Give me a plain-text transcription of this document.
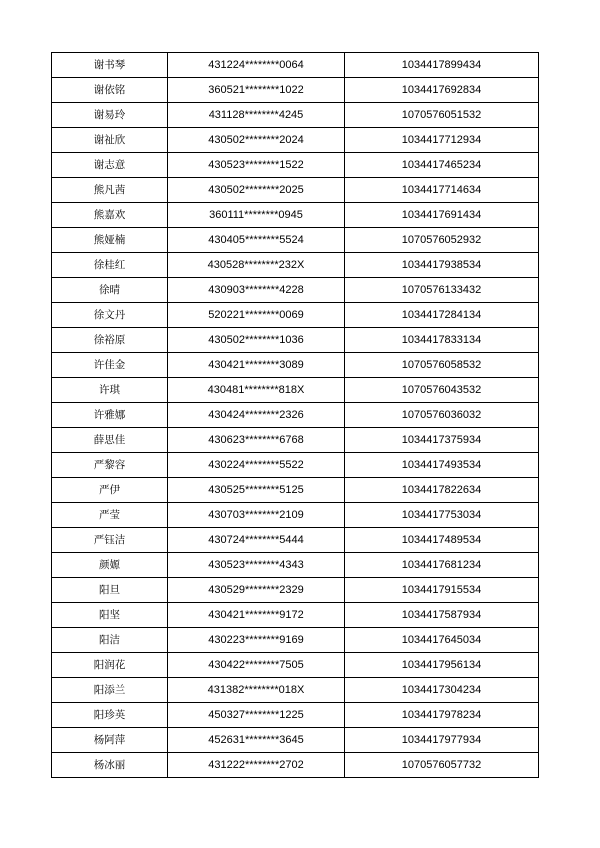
谢书琴	431224********0064	1034417899434
谢依铭	360521********1022	1034417692834
谢易玲	431128********4245	1070576051532
谢祉欣	430502********2024	1034417712934
谢志意	430523********1522	1034417465234
熊凡茜	430502********2025	1034417714634
熊嘉欢	360111********0945	1034417691434
熊娅楠	430405********5524	1070576052932
徐桂红	430528********232X	1034417938534
徐晴	430903********4228	1070576133432
徐文丹	520221********0069	1034417284134
徐裕原	430502********1036	1034417833134
许佳金	430421********3089	1070576058532
许琪	430481********818X	1070576043532
许雅娜	430424********2326	1070576036032
薛思佳	430623********6768	1034417375934
严黎容	430224********5522	1034417493534
严伊	430525********5125	1034417822634
严莹	430703********2109	1034417753034
严钰洁	430724********5444	1034417489534
颜嫄	430523********4343	1034417681234
阳旦	430529********2329	1034417915534
阳坚	430421********9172	1034417587934
阳洁	430223********9169	1034417645034
阳润花	430422********7505	1034417956134
阳添兰	431382********018X	1034417304234
阳珍英	450327********1225	1034417978234
杨阿萍	452631********3645	1034417977934
杨冰丽	431222********2702	1070576057732
